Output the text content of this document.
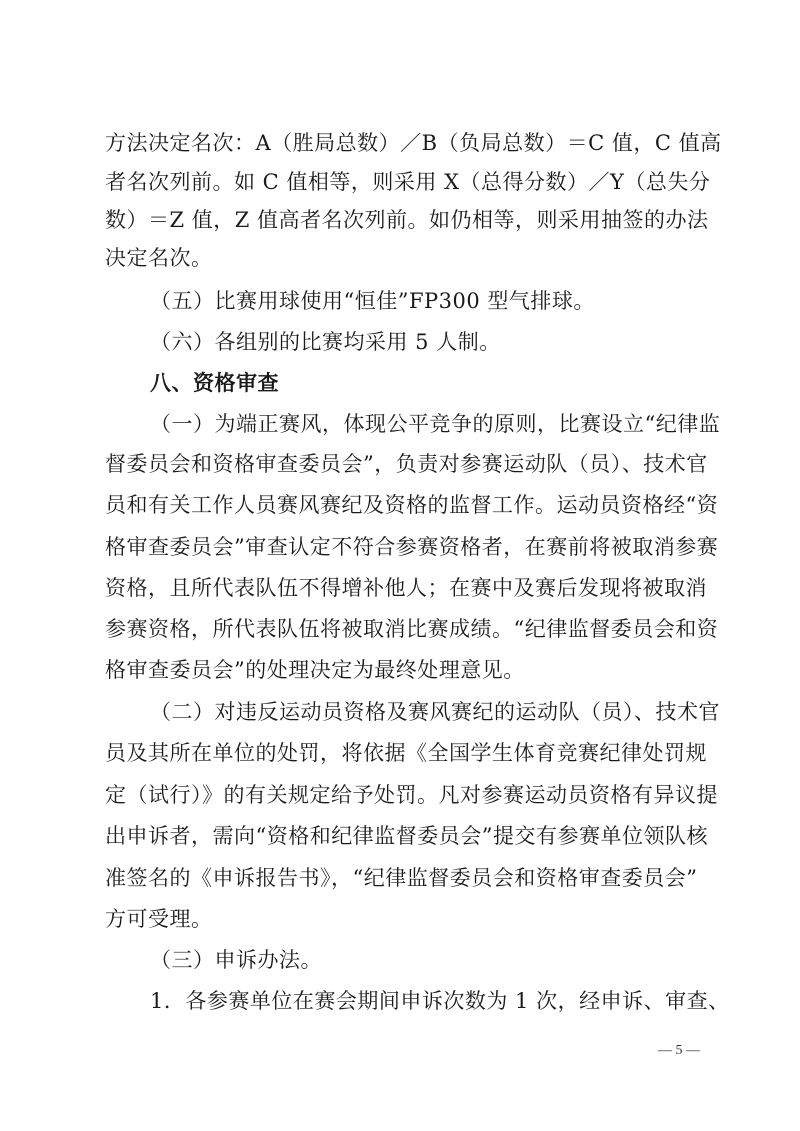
方法决定名次：A（胜局总数）／B（负局总数）＝C 值，C 值高
者名次列前。如 C 值相等，则采用 X（总得分数）／Y（总失分
数）＝Z 值，Z 值高者名次列前。如仍相等，则采用抽签的办法
决定名次。
（五）比赛用球使用“恒佳”FP300 型气排球。
（六）各组别的比赛均采用 5 人制。
八、资格审查
（一）为端正赛风，体现公平竞争的原则，比赛设立“纪律监
督委员会和资格审查委员会”，负责对参赛运动队（员）、技术官
员和有关工作人员赛风赛纪及资格的监督工作。运动员资格经“资
格审查委员会”审查认定不符合参赛资格者，在赛前将被取消参赛
资格，且所代表队伍不得增补他人；在赛中及赛后发现将被取消
参赛资格，所代表队伍将被取消比赛成绩。“纪律监督委员会和资
格审查委员会”的处理决定为最终处理意见。
（二）对违反运动员资格及赛风赛纪的运动队（员）、技术官
员及其所在单位的处罚，将依据《全国学生体育竞赛纪律处罚规
定（试行）》的有关规定给予处罚。凡对参赛运动员资格有异议提
出申诉者，需向“资格和纪律监督委员会”提交有参赛单位领队核
准签名的《申诉报告书》，“纪律监督委员会和资格审查委员会”
方可受理。
（三）申诉办法。
1．各参赛单位在赛会期间申诉次数为 1 次，经申诉、审查、
— 5 —
